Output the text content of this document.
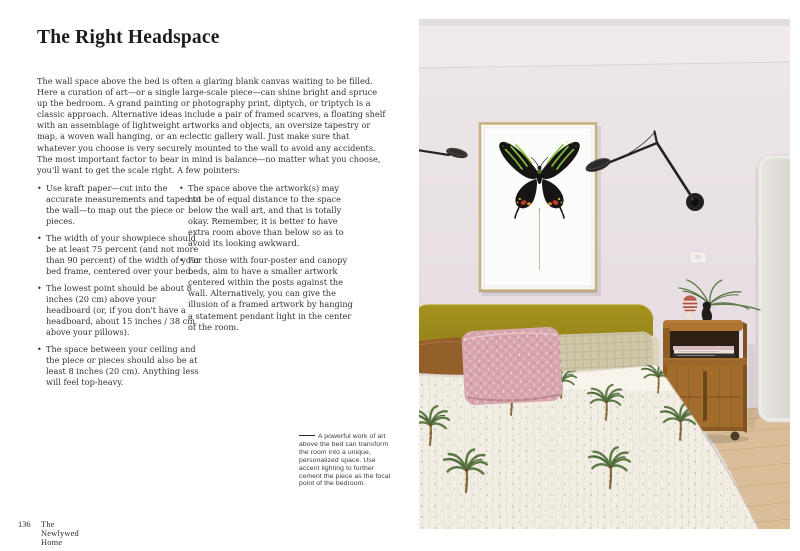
The Right Headspace

The wall space above the bed is often a glaring blank canvas waiting to be filled. Here a curation of art—or a single large-scale piece—can shine bright and spruce up the bedroom. A grand painting or photography print, diptych, or triptych is a classic approach. Alternative ideas include a pair of framed scarves, a floating shelf with an assemblage of lightweight artworks and objects, an oversize tapestry or map, a woven wall hanging, or an eclectic gallery wall. Just make sure that whatever you choose is very securely mounted to the wall to avoid any accidents. The most important factor to bear in mind is balance—no matter what you choose, you'll want to get the scale right. A few pointers:

• Use kraft paper—cut into the accurate measurements and taped to the wall—to map out the piece or pieces.
• The width of your showpiece should be at least 75 percent (and not more than 90 percent) of the width of your bed frame, centered over your bed.
• The lowest point should be about 8 inches (20 cm) above your headboard (or, if you don't have a headboard, about 15 inches / 38 cm above your pillows).
• The space between your ceiling and the piece or pieces should also be at least 8 inches (20 cm). Anything less will feel top-heavy.
• The space above the artwork(s) may not be of equal distance to the space below the wall art, and that is totally okay. Remember, it is better to have extra room above than below so as to avoid its looking awkward.
• For those with four-poster and canopy beds, aim to have a smaller artwork centered within the posts against the wall. Alternatively, you can give the illusion of a framed artwork by hanging a statement pendant light in the center of the room.
A powerful work of art above the bed can transform the room into a unique, personalized space. Use accent lighting to further cement the piece as the focal point of the bedroom.
136 The Newlywed Home
